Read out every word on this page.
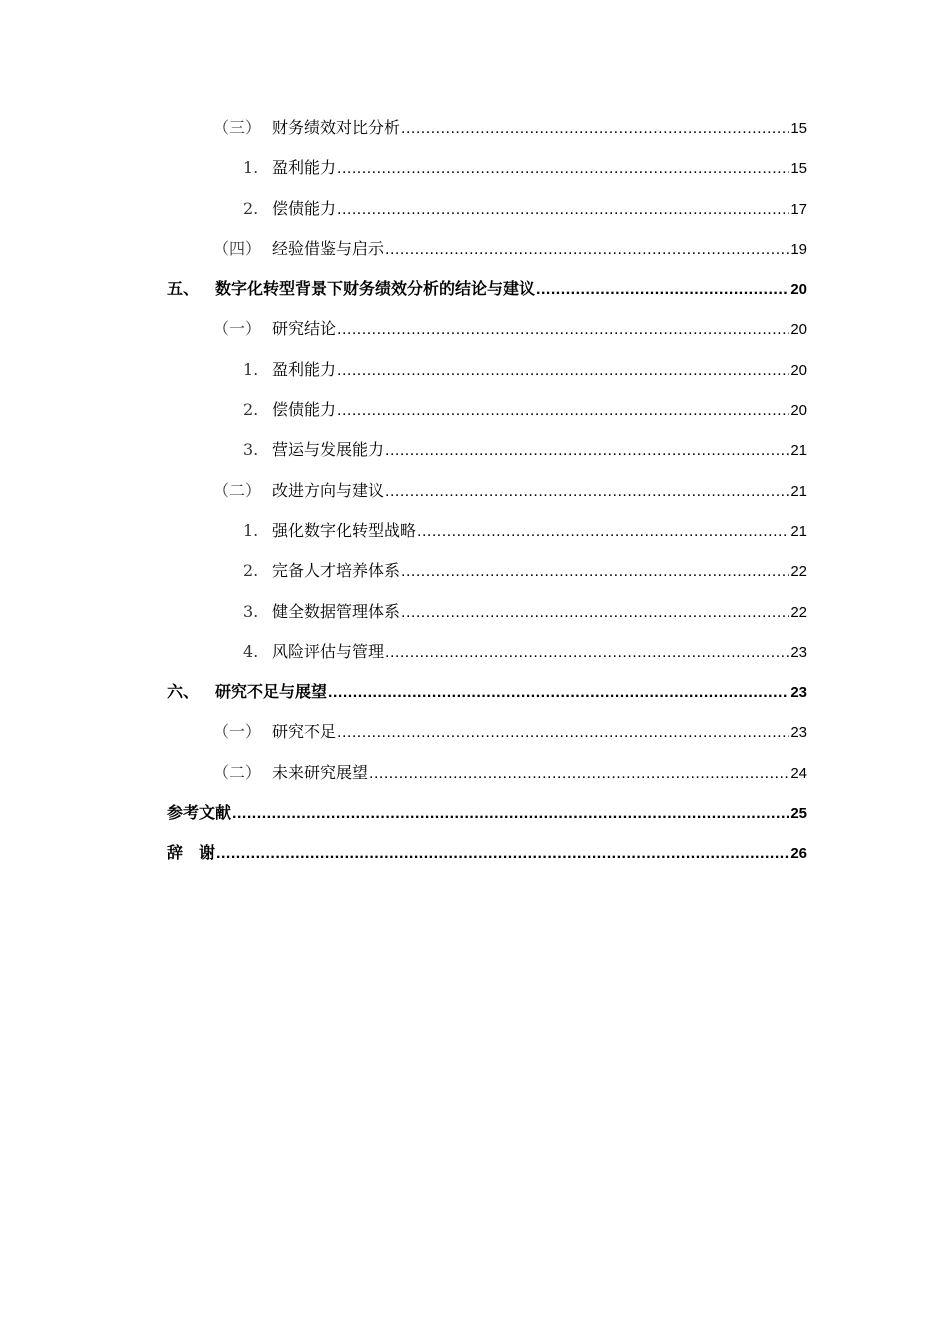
（三） 财务绩效对比分析 .....	15
1. 盈利能力 .....	15
2. 偿债能力 .....	17
（四） 经验借鉴与启示 .....	19
五、 数字化转型背景下财务绩效分析的结论与建议 .....	20
（一） 研究结论 .....	20
1. 盈利能力 .....	20
2. 偿债能力 .....	20
3. 营运与发展能力 .....	21
（二） 改进方向与建议 .....	21
1. 强化数字化转型战略 .....	21
2. 完备人才培养体系 .....	22
3. 健全数据管理体系 .....	22
4. 风险评估与管理 .....	23
六、 研究不足与展望 .....	23
（一） 研究不足 .....	23
（二） 未来研究展望 .....	24
参考文献 .....	25
辞　谢 .....	26
